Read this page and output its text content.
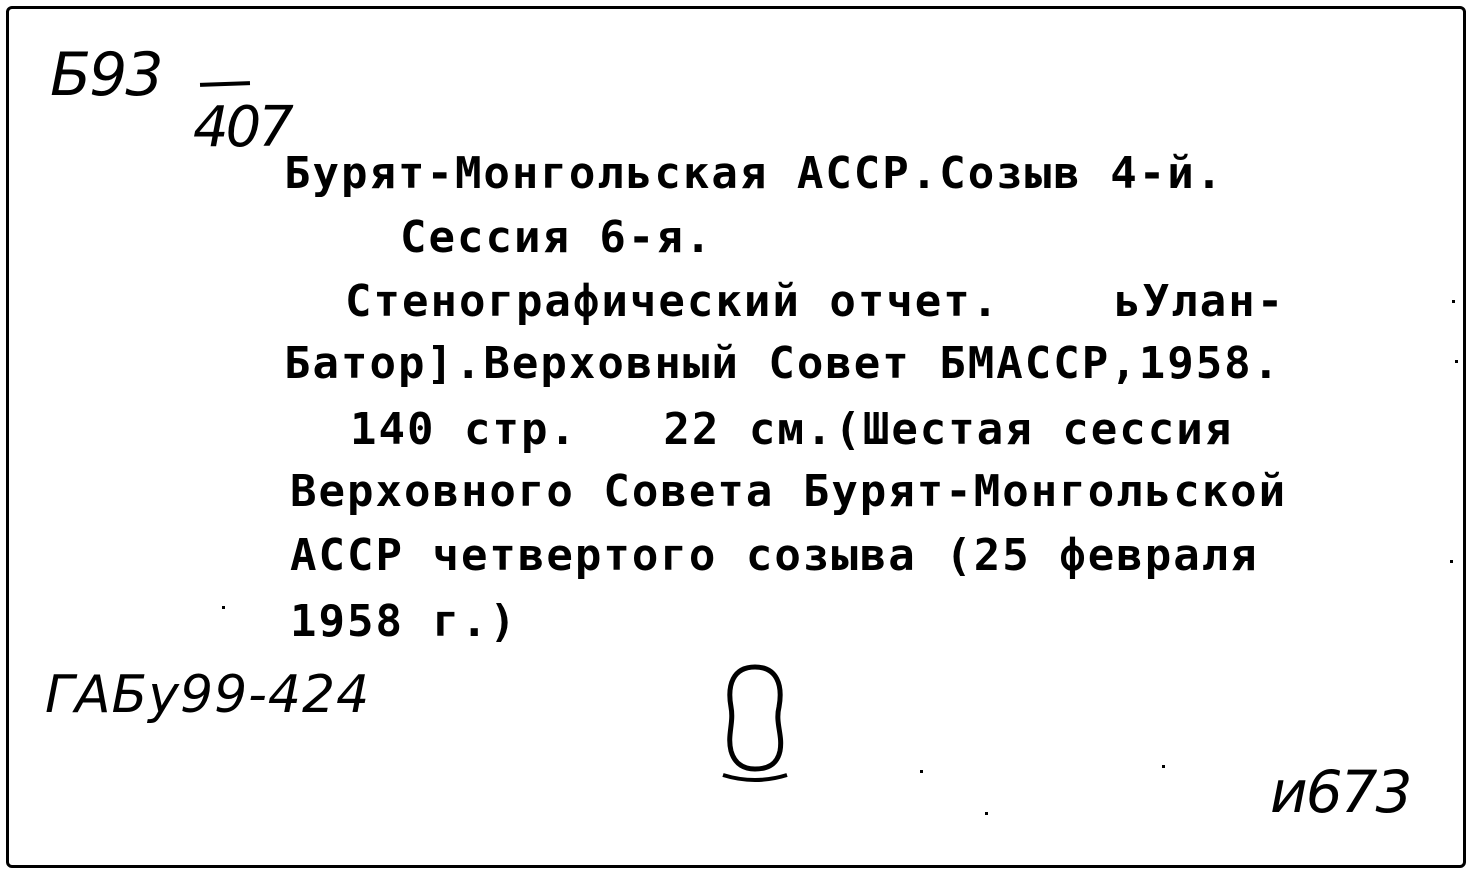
Б93
407
Бурят-Монгольская АССР.Созыв 4-й.
Сессия 6-я.
Стенографический отчет.    ьУлан-
Батор].Верховный Совет БМАССР,1958.
140 стр.   22 см.(Шестая сессия
Верховного Совета Бурят-Монгольской
АССР четвертого созыва (25 февраля
1958 г.)
ГАБу99-424
и673
